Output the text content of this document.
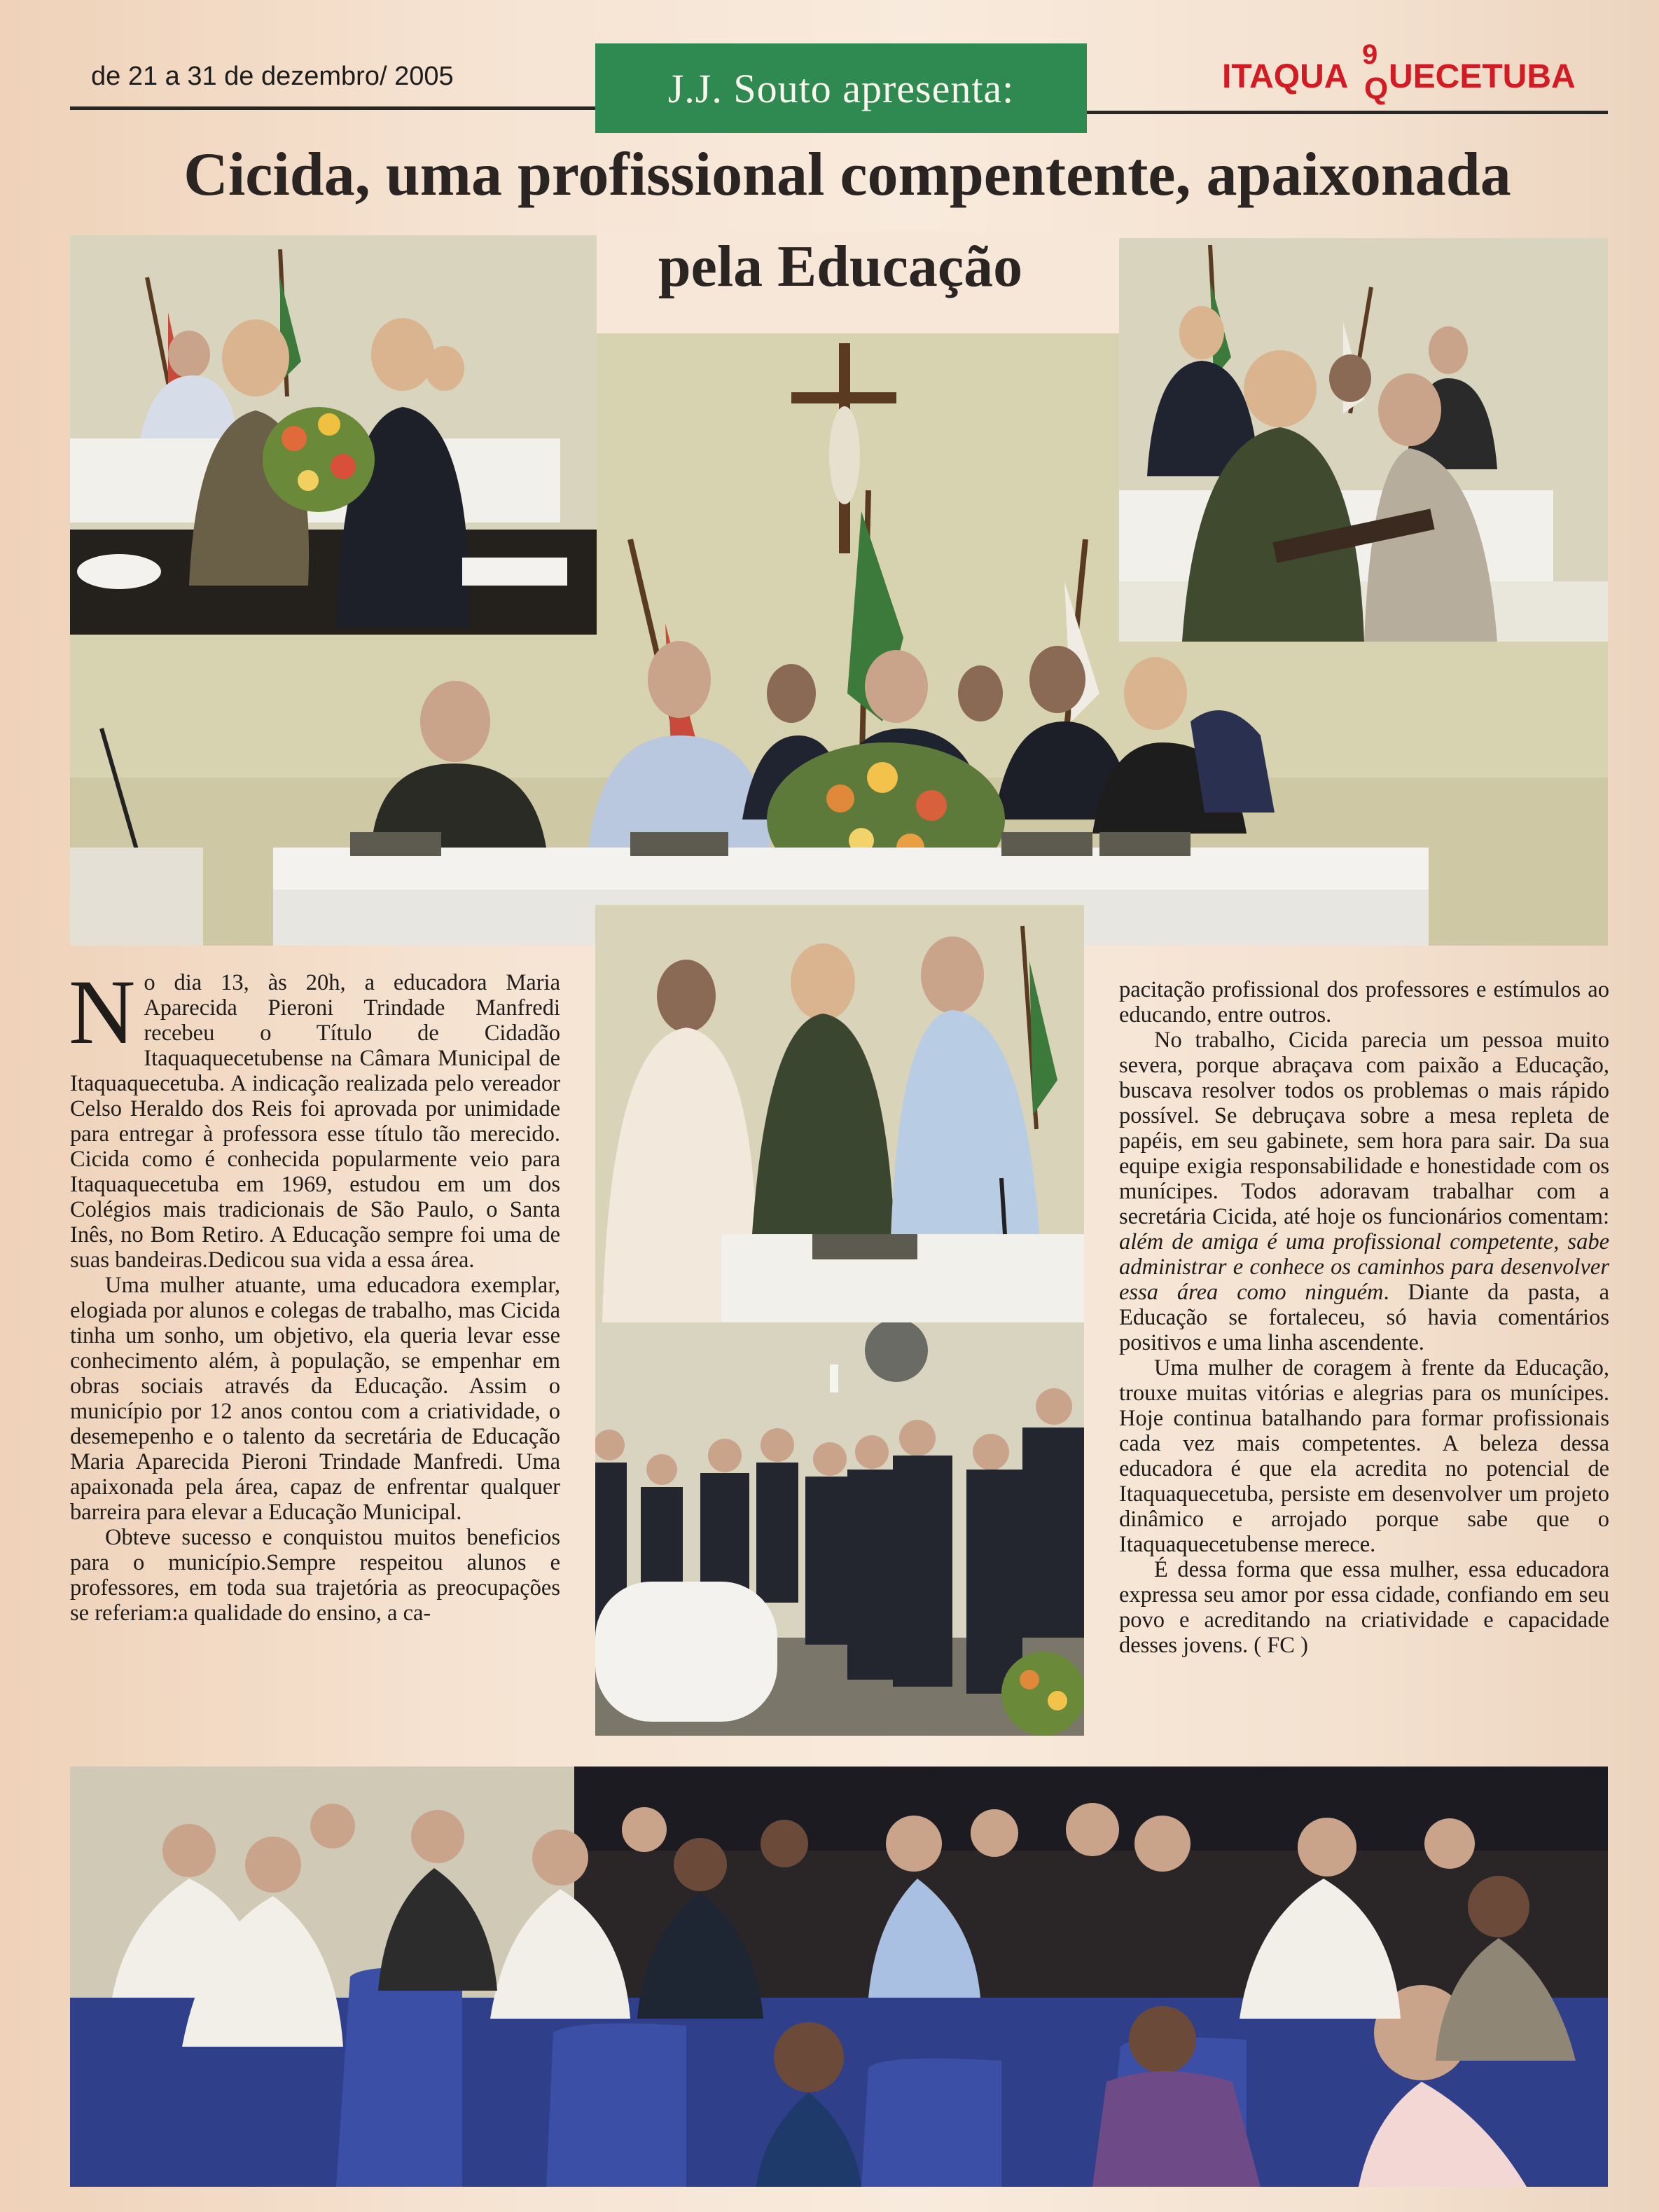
de 21 a 31 de dezembro/ 2005	J.J. Souto apresenta:	ITAQUA
9
Q UECETUBA
Cicida, uma profissional compentente, apaixonada
pela Educação

No dia 13, às 20h, a educadora Maria Aparecida Pieroni Trindade Manfredi recebeu o Título de Cidadão Itaquaquecetubense na Câmara Municipal de Itaquaquecetuba. A indicação realizada pelo vereador Celso Heraldo dos Reis foi aprovada por unimidade para entregar à professora esse título tão merecido. Cicida como é conhecida popularmente veio para Itaquaquecetuba em 1969, estudou em um dos Colégios mais tradicionais de São Paulo, o Santa Inês, no Bom Retiro. A Educação sempre foi uma de suas bandeiras.Dedicou sua vida a essa área.

Uma mulher atuante, uma educadora exemplar, elogiada por alunos e colegas de trabalho, mas Cicida tinha um sonho, um objetivo, ela queria levar esse conhecimento além, à população, se empenhar em obras sociais através da Educação. Assim o município por 12 anos contou com a criatividade, o desemepenho e o talento da secretária de Educação Maria Aparecida Pieroni Trindade Manfredi. Uma apaixonada pela área, capaz de enfrentar qualquer barreira para elevar a Educação Municipal.

Obteve sucesso e conquistou muitos beneficios para o município.Sempre respeitou alunos e professores, em toda sua trajetória as preocupações se referiam:a qualidade do ensino, a ca-

pacitação profissional dos professores e estímulos ao educando, entre outros.

No trabalho, Cicida parecia um pessoa muito severa, porque abraçava com paixão a Educação, buscava resolver todos os problemas o mais rápido possível. Se debruçava sobre a mesa repleta de papéis, em seu gabinete, sem hora para sair. Da sua equipe exigia responsabilidade e honestidade com os munícipes. Todos adoravam trabalhar com a secretária Cicida, até hoje os funcionários comentam: além de amiga é uma profissional competente, sabe administrar e conhece os caminhos para desenvolver essa área como ninguém. Diante da pasta, a Educação se fortaleceu, só havia comentários positivos e uma linha ascendente.

Uma mulher de coragem à frente da Educação, trouxe muitas vitórias e alegrias para os munícipes. Hoje continua batalhando para formar profissionais cada vez mais competentes. A beleza dessa educadora é que ela acredita no potencial de Itaquaquecetuba, persiste em desenvolver um projeto dinâmico e arrojado porque sabe que o Itaquaquecetubense merece.

É dessa forma que essa mulher, essa educadora expressa seu amor por essa cidade, confiando em seu povo e acreditando na criatividade e capacidade desses jovens. ( FC )
